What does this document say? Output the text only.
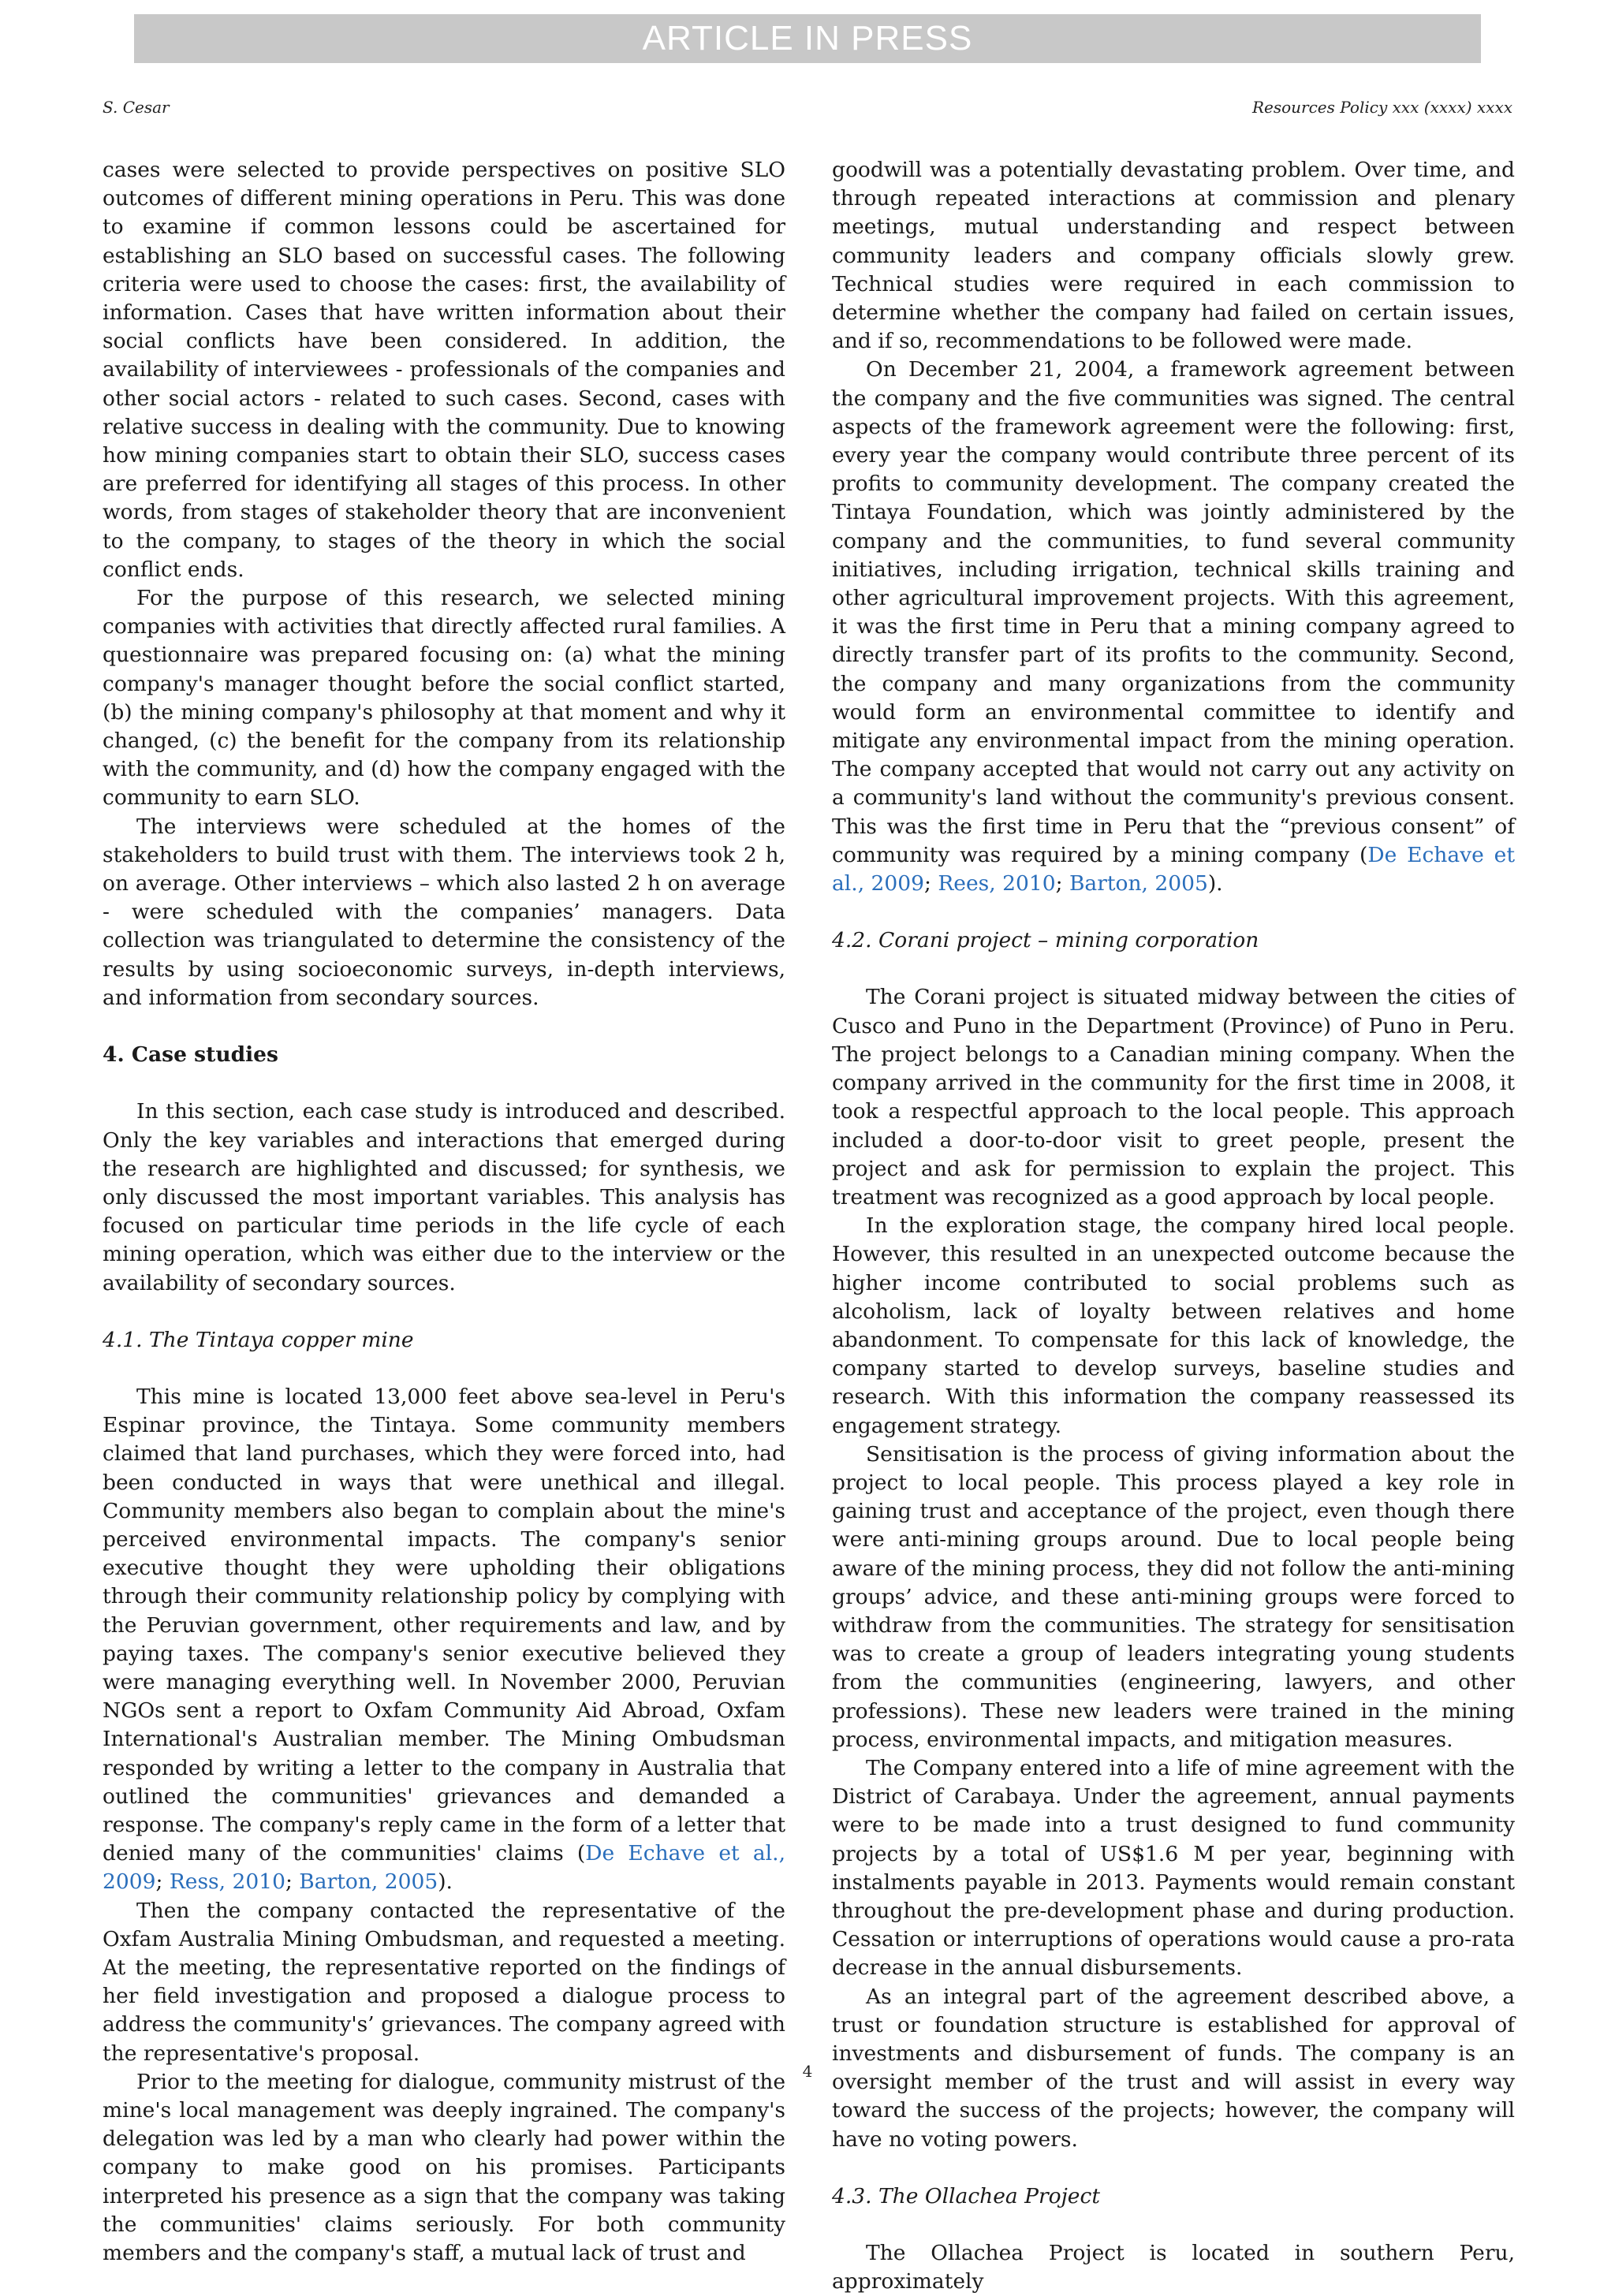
ARTICLE IN PRESS
S. Cesar	Resources Policy xxx (xxxx) xxxx

cases were selected to provide perspectives on positive SLO outcomes of different mining operations in Peru. This was done to examine if common lessons could be ascertained for establishing an SLO based on successful cases. The following criteria were used to choose the cases: first, the availability of information. Cases that have written information about their social conflicts have been considered. In addition, the availability of interviewees - professionals of the companies and other social actors - related to such cases. Second, cases with relative success in dealing with the community. Due to knowing how mining companies start to obtain their SLO, success cases are preferred for identifying all stages of this process. In other words, from stages of stakeholder theory that are inconvenient to the company, to stages of the theory in which the social conflict ends.

For the purpose of this research, we selected mining companies with activities that directly affected rural families. A questionnaire was prepared focusing on: (a) what the mining company's manager thought before the social conflict started, (b) the mining company's philosophy at that moment and why it changed, (c) the benefit for the company from its relationship with the community, and (d) how the company engaged with the community to earn SLO.

The interviews were scheduled at the homes of the stakeholders to build trust with them. The interviews took 2 h, on average. Other interviews – which also lasted 2 h on average - were scheduled with the companies’ managers. Data collection was triangulated to determine the consistency of the results by using socioeconomic surveys, in-depth interviews, and information from secondary sources.

4. Case studies

In this section, each case study is introduced and described. Only the key variables and interactions that emerged during the research are highlighted and discussed; for synthesis, we only discussed the most important variables. This analysis has focused on particular time periods in the life cycle of each mining operation, which was either due to the interview or the availability of secondary sources.

4.1. The Tintaya copper mine

This mine is located 13,000 feet above sea-level in Peru's Espinar province, the Tintaya. Some community members claimed that land purchases, which they were forced into, had been conducted in ways that were unethical and illegal. Community members also began to complain about the mine's perceived environmental impacts. The company's senior executive thought they were upholding their obligations through their community relationship policy by complying with the Peruvian government, other requirements and law, and by paying taxes. The company's senior executive believed they were managing everything well. In November 2000, Peruvian NGOs sent a report to Oxfam Community Aid Abroad, Oxfam International's Australian member. The Mining Ombudsman responded by writing a letter to the company in Australia that outlined the communities' grievances and demanded a response. The company's reply came in the form of a letter that denied many of the communities' claims (De Echave et al., 2009; Ress, 2010; Barton, 2005).

Then the company contacted the representative of the Oxfam Australia Mining Ombudsman, and requested a meeting. At the meeting, the representative reported on the findings of her field investigation and proposed a dialogue process to address the community's’ grievances. The company agreed with the representative's proposal.

Prior to the meeting for dialogue, community mistrust of the mine's local management was deeply ingrained. The company's delegation was led by a man who clearly had power within the company to make good on his promises. Participants interpreted his presence as a sign that the company was taking the communities' claims seriously. For both community members and the company's staff, a mutual lack of trust and

goodwill was a potentially devastating problem. Over time, and through repeated interactions at commission and plenary meetings, mutual understanding and respect between community leaders and company officials slowly grew. Technical studies were required in each commission to determine whether the company had failed on certain issues, and if so, recommendations to be followed were made.

On December 21, 2004, a framework agreement between the company and the five communities was signed. The central aspects of the framework agreement were the following: first, every year the company would contribute three percent of its profits to community development. The company created the Tintaya Foundation, which was jointly administered by the company and the communities, to fund several community initiatives, including irrigation, technical skills training and other agricultural improvement projects. With this agreement, it was the first time in Peru that a mining company agreed to directly transfer part of its profits to the community. Second, the company and many organizations from the community would form an environmental committee to identify and mitigate any environmental impact from the mining operation. The company accepted that would not carry out any activity on a community's land without the community's previous consent. This was the first time in Peru that the “previous consent” of community was required by a mining company (De Echave et al., 2009; Rees, 2010; Barton, 2005).

4.2. Corani project – mining corporation

The Corani project is situated midway between the cities of Cusco and Puno in the Department (Province) of Puno in Peru. The project belongs to a Canadian mining company. When the company arrived in the community for the first time in 2008, it took a respectful approach to the local people. This approach included a door-to-door visit to greet people, present the project and ask for permission to explain the project. This treatment was recognized as a good approach by local people.

In the exploration stage, the company hired local people. However, this resulted in an unexpected outcome because the higher income contributed to social problems such as alcoholism, lack of loyalty between relatives and home abandonment. To compensate for this lack of knowledge, the company started to develop surveys, baseline studies and research. With this information the company reassessed its engagement strategy.

Sensitisation is the process of giving information about the project to local people. This process played a key role in gaining trust and acceptance of the project, even though there were anti-mining groups around. Due to local people being aware of the mining process, they did not follow the anti-mining groups’ advice, and these anti-mining groups were forced to withdraw from the communities. The strategy for sensitisation was to create a group of leaders integrating young students from the communities (engineering, lawyers, and other professions). These new leaders were trained in the mining process, environmental impacts, and mitigation measures.

The Company entered into a life of mine agreement with the District of Carabaya. Under the agreement, annual payments were to be made into a trust designed to fund community projects by a total of US$1.6 M per year, beginning with instalments payable in 2013. Payments would remain constant throughout the pre-development phase and during production. Cessation or interruptions of operations would cause a pro-rata decrease in the annual disbursements.

As an integral part of the agreement described above, a trust or foundation structure is established for approval of investments and disbursement of funds. The company is an oversight member of the trust and will assist in every way toward the success of the projects; however, the company will have no voting powers.

4.3. The Ollachea Project

The Ollachea Project is located in southern Peru, approximately

4
